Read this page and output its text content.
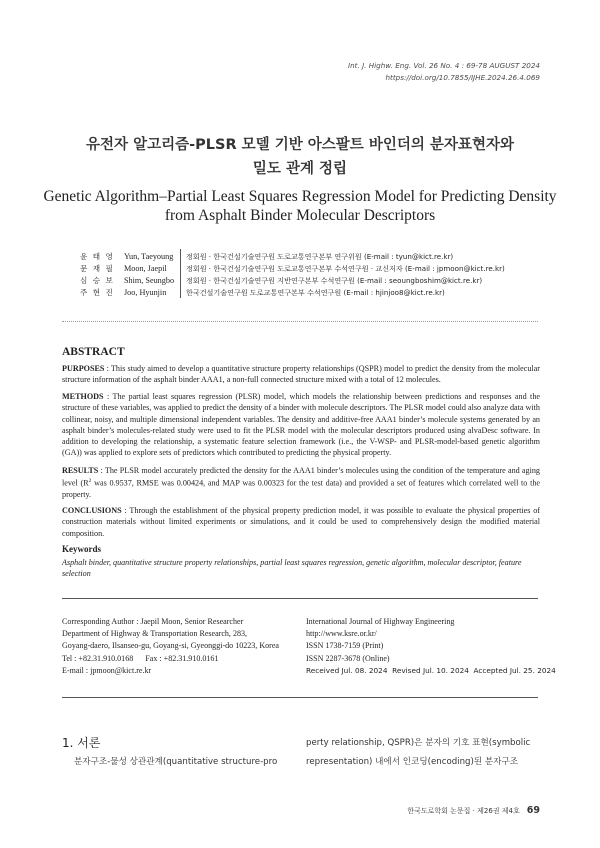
Int. J. Highw. Eng. Vol. 26 No. 4 : 69-78 AUGUST 2024
https://doi.org/10.7855/IJHE.2024.26.4.069
유전자 알고리즘-PLSR 모델 기반 아스팔트 바인더의 분자표현자와
밀도 관계 정립
Genetic Algorithm–Partial Least Squares Regression Model for Predicting Density
from Asphalt Binder Molecular Descriptors
윤 태 영 Yun, Taeyoung 정회원 · 한국건설기술연구원 도로교통연구본부 연구위원 (E-mail : tyun@kict.re.kr)
문 재 필 Moon, Jaepil	정회원 · 한국건설기술연구원 도로교통연구본부 수석연구원 · 교신저자 (E-mail : jpmoon@kict.re.kr)
심 승 보 Shim, Seungbo 정회원 · 한국건설기술연구원 지반연구본부 수석연구원 (E-mail : seoungboshim@kict.re.kr)
주 현 진 Joo, Hyunjin	한국건설기술연구원 도로교통연구본부 수석연구원 (E-mail : hjinjoo8@kict.re.kr)
ABSTRACT
PURPOSES : This study aimed to develop a quantitative structure property relationships (QSPR) model to predict the density from the molecular structure information of the asphalt binder AAA1, a non-full connected structure mixed with a total of 12 molecules.
METHODS : The partial least squares regression (PLSR) model, which models the relationship between predictions and responses and the structure of these variables, was applied to predict the density of a binder with molecule descriptors. The PLSR model could also analyze data with collinear, noisy, and multiple dimensional independent variables. The density and additive-free AAA1 binder’s molecule systems generated by an asphalt binder’s molecules-related study were used to fit the PLSR model with the molecular descriptors produced using alvaDesc software. In addition to developing the relationship, a systematic feature selection framework (i.e., the V-WSP- and PLSR-model-based genetic algorithm (GA)) was applied to explore sets of predictors which contributed to predicting the physical property.
RESULTS : The PLSR model accurately predicted the density for the AAA1 binder’s molecules using the condition of the temperature and aging level ($R^2$ was 0.9537, RMSE was 0.00424, and MAP was 0.00323 for the test data) and provided a set of features which correlated well to the property.
CONCLUSIONS : Through the establishment of the physical property prediction model, it was possible to evaluate the physical properties of construction materials without limited experiments or simulations, and it could be used to comprehensively design the modified material composition.
Keywords
Asphalt binder, quantitative structure property relationships, partial least squares regression, genetic algorithm, molecular descriptor, feature selection
Corresponding Author : Jaepil Moon, Senior Researcher
Department of Highway & Transportation Research, 283,
Goyang-daero, Ilsanseo-gu, Goyang-si, Gyeonggi-do 10223, Korea
Tel : +82.31.910.0168      Fax : +82.31.910.0161
E-mail : jpmoon@kict.re.kr
International Journal of Highway Engineering
http://www.ksre.or.kr/
ISSN 1738-7159 (Print)
ISSN 2287-3678 (Online)
Received Jul. 08. 2024 Revised Jul. 10. 2024 Accepted Jul. 25. 2024
1. 서론
분자구조-물성 상관관계(quantitative structure-pro
perty relationship, QSPR)은 분자의 기호 표현(symbolic
representation) 내에서 인코딩(encoding)된 분자구조
한국도로학회 논문집 · 제26권 제4호 69
